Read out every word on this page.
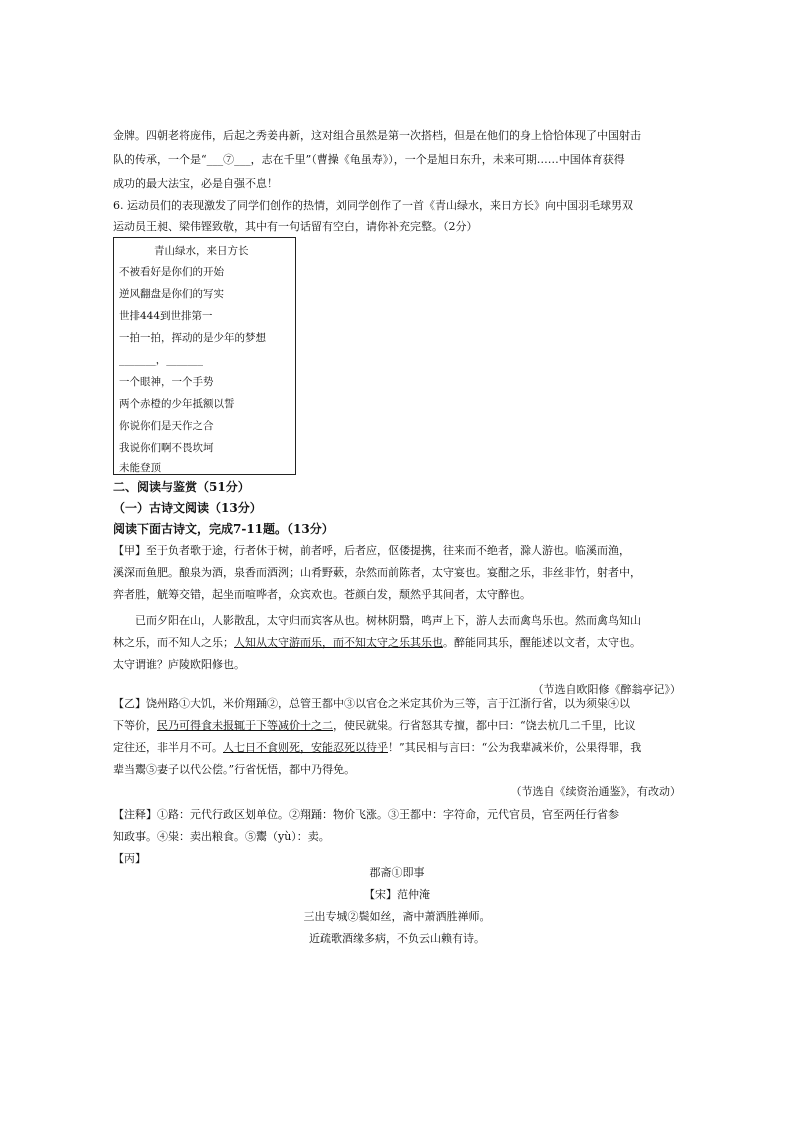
金牌。四朝老将庞伟，后起之秀姜冉新，这对组合虽然是第一次搭档，但是在他们的身上恰恰体现了中国射击
队的传承，一个是“___⑦___，志在千里”（曹操《龟虽寿》），一个是旭日东升，未来可期……中国体育获得
成功的最大法宝，必是自强不息！
6. 运动员们的表现激发了同学们创作的热情，刘同学创作了一首《青山绿水，来日方长》向中国羽毛球男双
运动员王昶、梁伟铿致敬，其中有一句话留有空白，请你补充完整。（2分）
青山绿水，来日方长
不被看好是你们的开始
逆风翻盘是你们的写实
世排444到世排第一
一拍一拍，挥动的是少年的梦想
_______，_______
一个眼神，一个手势
两个赤橙的少年抵额以誓
你说你们是天作之合
我说你们啊不畏坎坷
未能登顶
二、阅读与鉴赏（51分）
（一）古诗文阅读（13分）
阅读下面古诗文，完成7-11题。（13分）
【甲】至于负者歌于途，行者休于树，前者呼，后者应，伛偻提携，往来而不绝者，滁人游也。临溪而渔，
溪深而鱼肥。酿泉为酒，泉香而酒洌；山肴野蔌，杂然而前陈者，太守宴也。宴酣之乐，非丝非竹，射者中，
弈者胜，觥筹交错，起坐而喧哗者，众宾欢也。苍颜白发，颓然乎其间者，太守醉也。
已而夕阳在山，人影散乱，太守归而宾客从也。树林阴翳，鸣声上下，游人去而禽鸟乐也。然而禽鸟知山
林之乐，而不知人之乐；人知从太守游而乐，而不知太守之乐其乐也。醉能同其乐，醒能述以文者，太守也。
太守谓谁？庐陵欧阳修也。
（节选自欧阳修《醉翁亭记》）
【乙】饶州路①大饥，米价翔踊②，总管王都中③以官仓之米定其价为三等，言于江浙行省，以为须粜④以
下等价，民乃可得食未报辄于下等减价十之二，使民就粜。行省怒其专擅，都中曰：“饶去杭几二千里，比议
定往还，非半月不可。人七日不食则死，安能忍死以待乎！”其民相与言曰：“公为我辈减米价，公果得罪，我
辈当鬻⑤妻子以代公偿。”行省怃悟，都中乃得免。
（节选自《续资治通鉴》，有改动）
【注释】①路：元代行政区划单位。②翔踊：物价飞涨。③王都中：字符命，元代官员，官至两任行省参
知政事。④粜：卖出粮食。⑤鬻（yù）：卖。
【丙】
郡斋①即事
【宋】范仲淹
三出专城②鬓如丝，斋中萧洒胜禅师。
近疏歌酒缘多病，不负云山赖有诗。
